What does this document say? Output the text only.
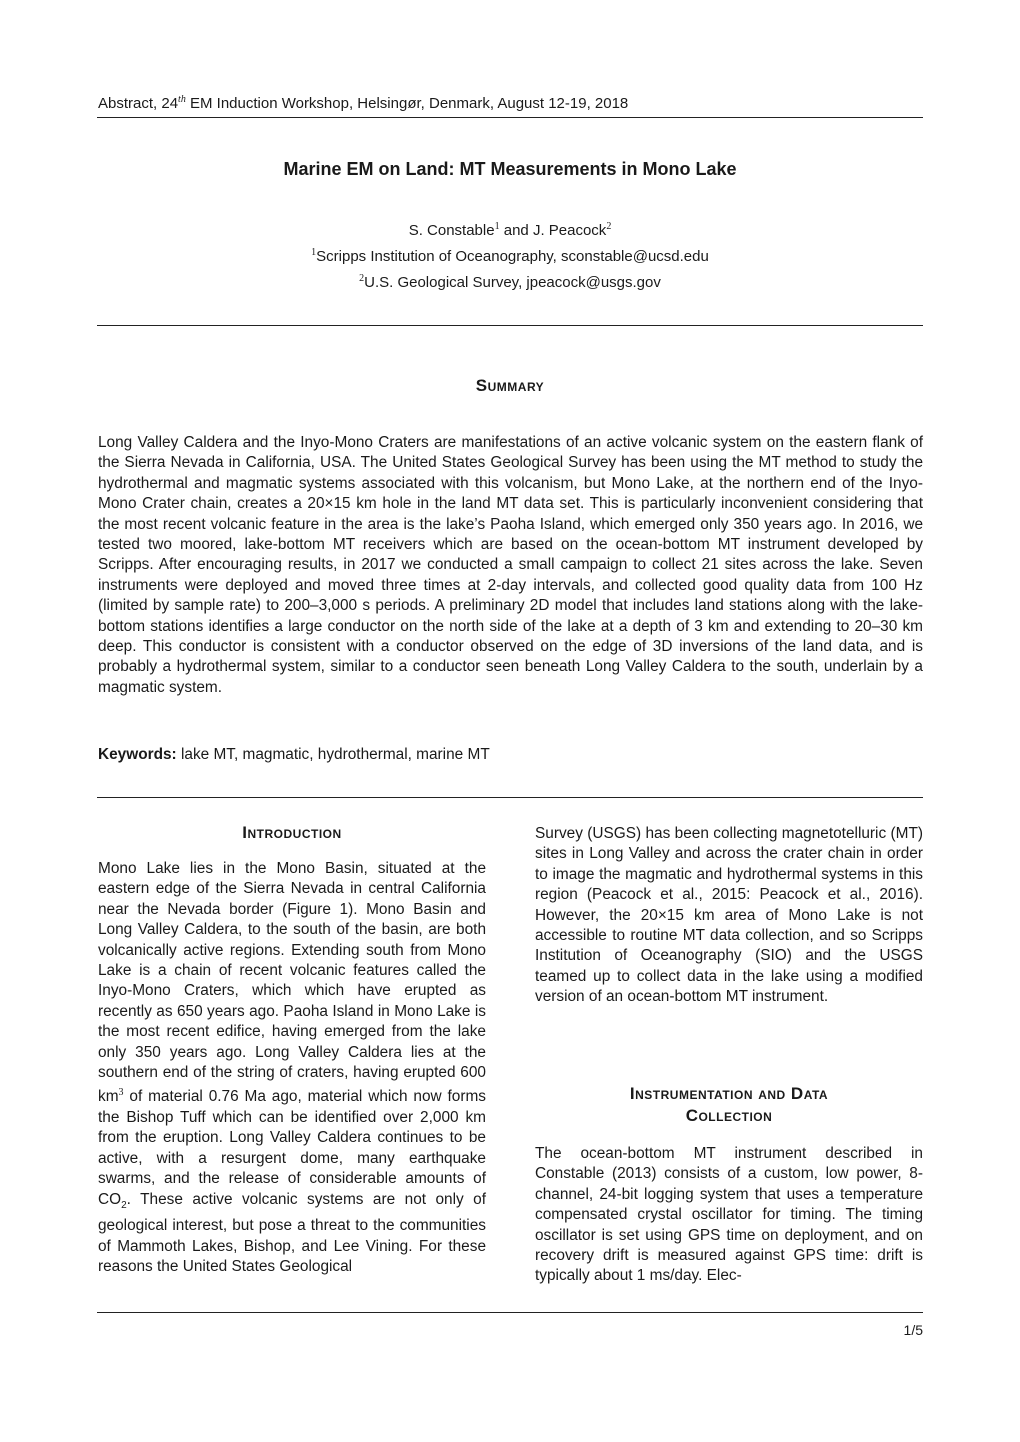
Abstract, 24th EM Induction Workshop, Helsingør, Denmark, August 12-19, 2018
Marine EM on Land: MT Measurements in Mono Lake
S. Constable$^1$ and J. Peacock$^2$
$^1$Scripps Institution of Oceanography, sconstable@ucsd.edu
$^2$U.S. Geological Survey, jpeacock@usgs.gov
Summary
Long Valley Caldera and the Inyo-Mono Craters are manifestations of an active volcanic system on the eastern flank of the Sierra Nevada in California, USA. The United States Geological Survey has been using the MT method to study the hydrothermal and magmatic systems associated with this volcanism, but Mono Lake, at the northern end of the Inyo-Mono Crater chain, creates a 20×15 km hole in the land MT data set. This is particularly inconvenient considering that the most recent volcanic feature in the area is the lake’s Paoha Island, which emerged only 350 years ago. In 2016, we tested two moored, lake-bottom MT receivers which are based on the ocean-bottom MT instrument developed by Scripps. After encouraging results, in 2017 we conducted a small campaign to collect 21 sites across the lake. Seven instruments were deployed and moved three times at 2-day intervals, and collected good quality data from 100 Hz (limited by sample rate) to 200–3,000 s periods. A preliminary 2D model that includes land stations along with the lake-bottom stations identifies a large conductor on the north side of the lake at a depth of 3 km and extending to 20–30 km deep. This conductor is consistent with a conductor observed on the edge of 3D inversions of the land data, and is probably a hydrothermal system, similar to a conductor seen beneath Long Valley Caldera to the south, underlain by a magmatic system.
Keywords: lake MT, magmatic, hydrothermal, marine MT
Introduction
Mono Lake lies in the Mono Basin, situated at the eastern edge of the Sierra Nevada in central California near the Nevada border (Figure 1). Mono Basin and Long Valley Caldera, to the south of the basin, are both volcanically active regions. Extending south from Mono Lake is a chain of recent volcanic features called the Inyo-Mono Craters, which which have erupted as recently as 650 years ago. Paoha Island in Mono Lake is the most recent edifice, having emerged from the lake only 350 years ago. Long Valley Caldera lies at the southern end of the string of craters, having erupted 600 $km^3$ of material 0.76 Ma ago, material which now forms the Bishop Tuff which can be identified over 2,000 km from the eruption. Long Valley Caldera continues to be active, with a resurgent dome, many earthquake swarms, and the release of considerable amounts of $CO_2$. These active volcanic systems are not only of geological interest, but pose a threat to the communities of Mammoth Lakes, Bishop, and Lee Vining. For these reasons the United States Geological
Survey (USGS) has been collecting magnetotelluric (MT) sites in Long Valley and across the crater chain in order to image the magmatic and hydrothermal systems in this region (Peacock et al., 2015: Peacock et al., 2016). However, the 20×15 km area of Mono Lake is not accessible to routine MT data collection, and so Scripps Institution of Oceanography (SIO) and the USGS teamed up to collect data in the lake using a modified version of an ocean-bottom MT instrument.
Instrumentation and Data
Collection
The ocean-bottom MT instrument described in Constable (2013) consists of a custom, low power, 8-channel, 24-bit logging system that uses a temperature compensated crystal oscillator for timing. The timing oscillator is set using GPS time on deployment, and on recovery drift is measured against GPS time: drift is typically about 1 ms/day. Elec-
1/5
